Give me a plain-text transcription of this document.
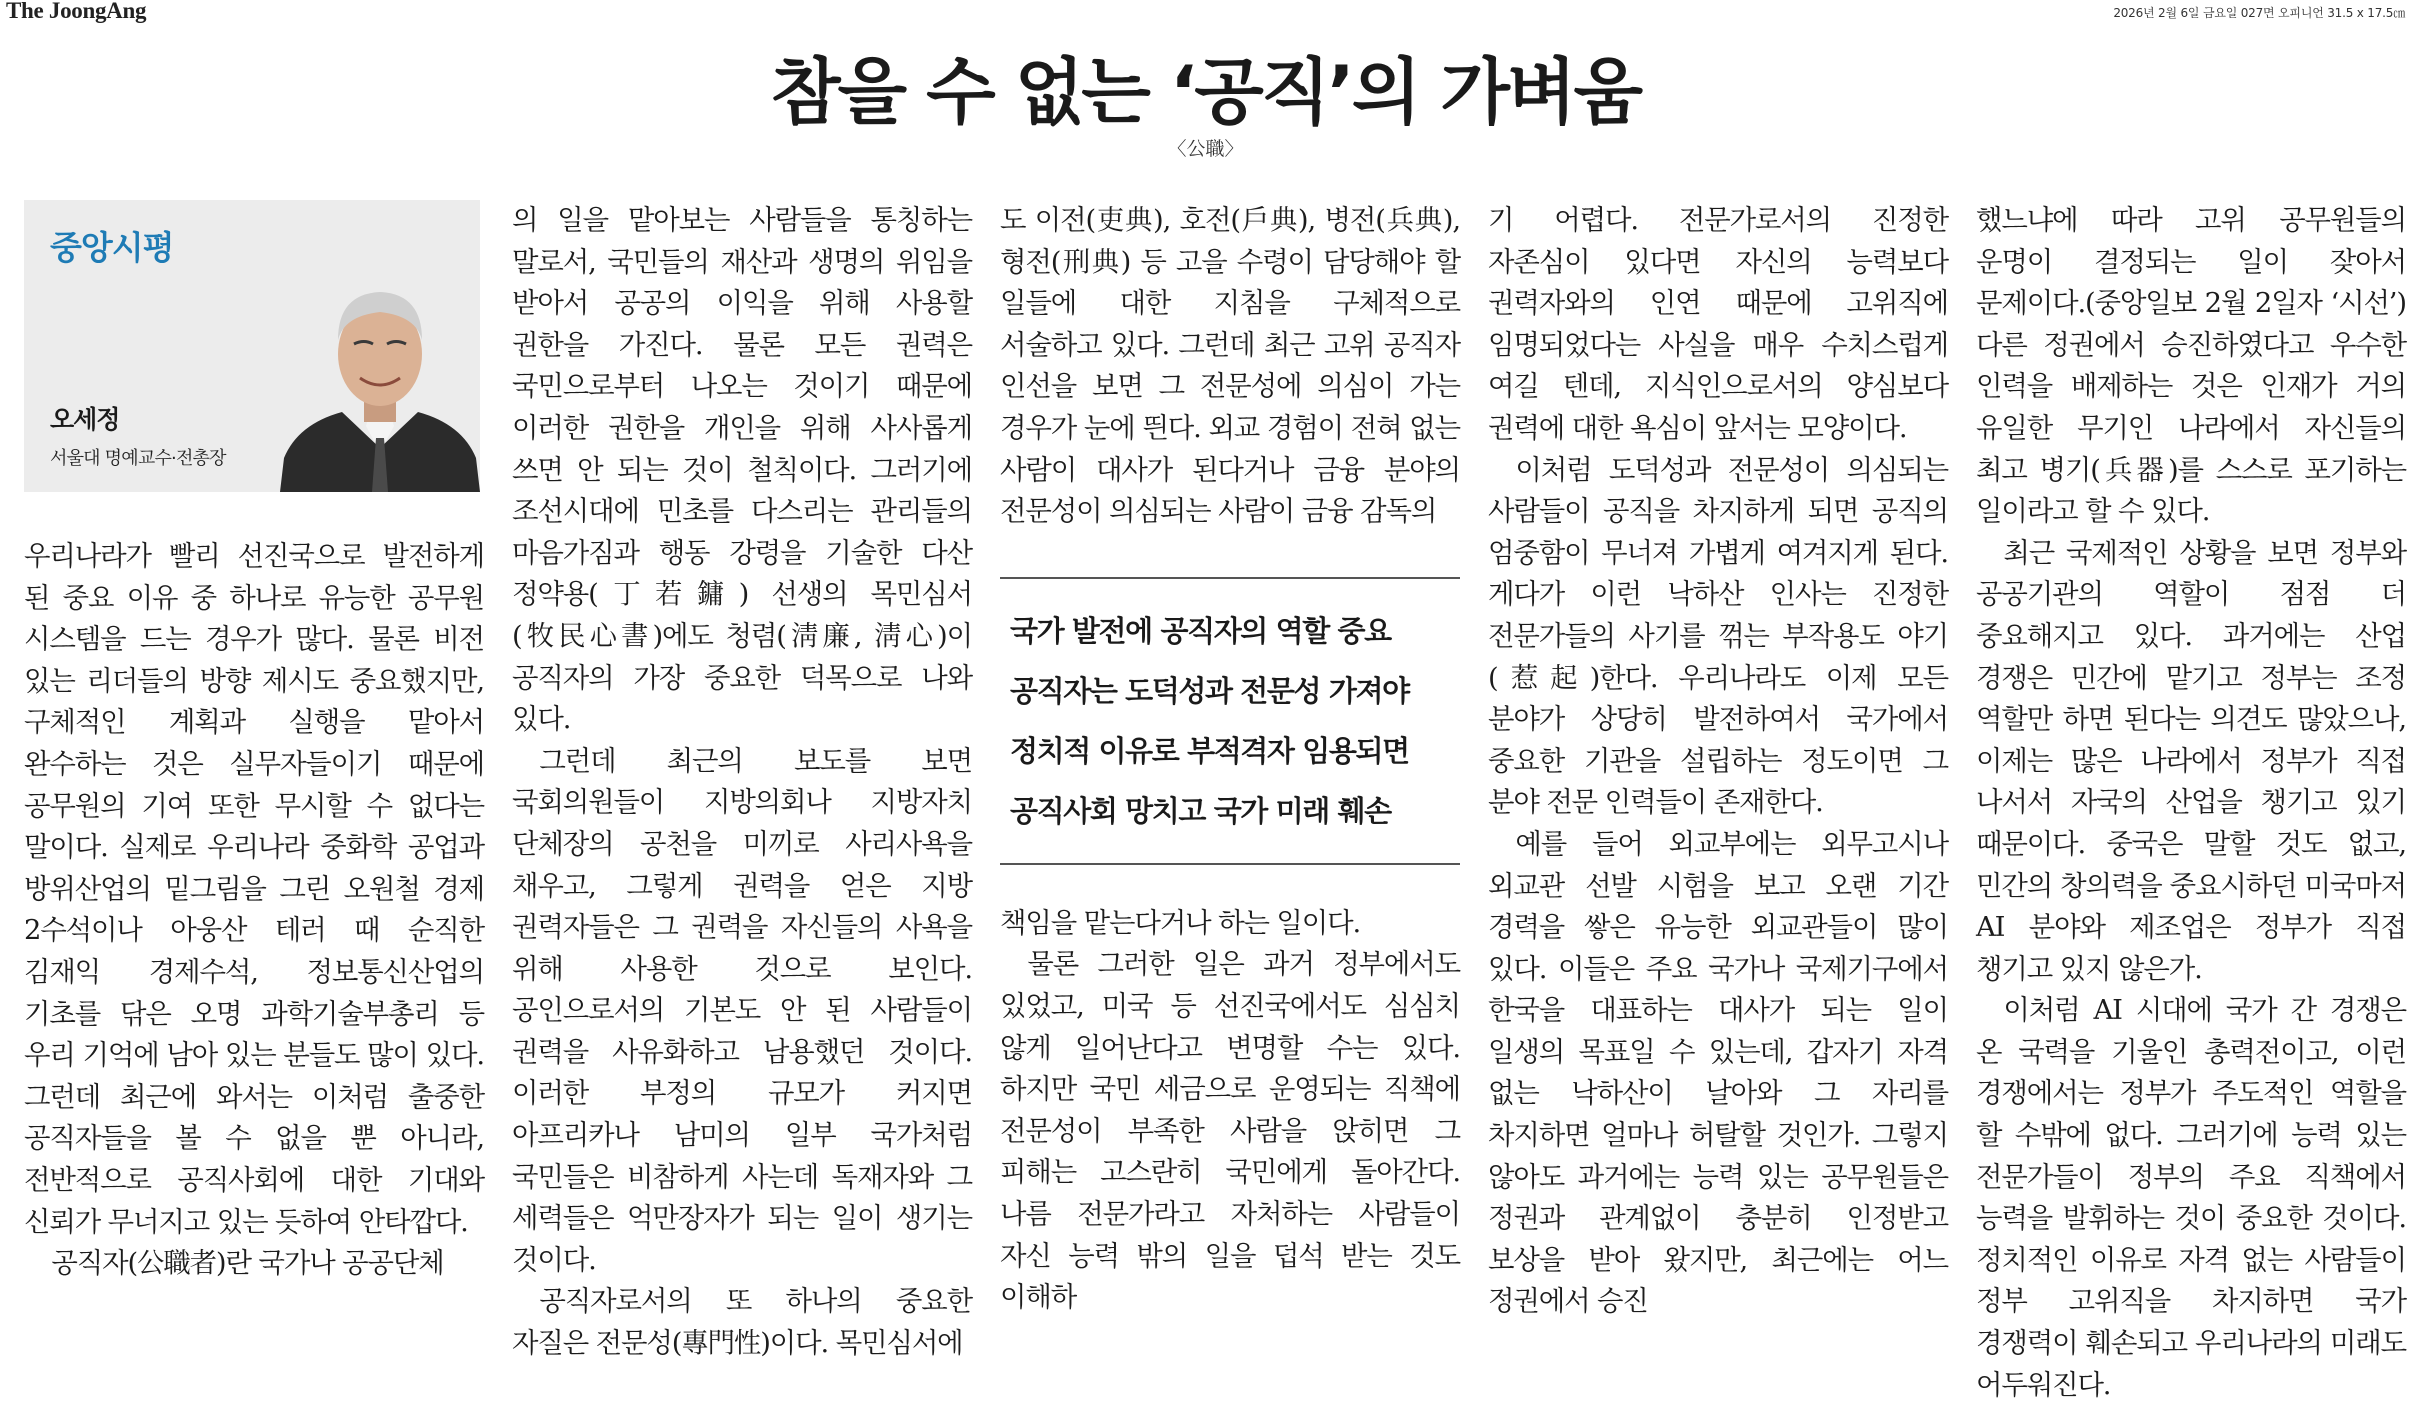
The JoongAng	2026년 2월 6일 금요일 027면 오피니언 31.5 x 17.5㎝
참을 수 없는 ‘공직’의 가벼움
〈公職〉
중앙시평
오세정
서울대 명예교수·전총장

우리나라가 빨리 선진국으로 발전하게 된 중요 이유 중 하나로 유능한 공무원 시스템을 드는 경우가 많다. 물론 비전 있는 리더들의 방향 제시도 중요했지만, 구체적인 계획과 실행을 맡아서 완수하는 것은 실무자들이기 때문에 공무원의 기여 또한 무시할 수 없다는 말이다. 실제로 우리나라 중화학 공업과 방위산업의 밑그림을 그린 오원철 경제 2수석이나 아웅산 테러 때 순직한 김재익 경제수석, 정보통신산업의 기초를 닦은 오명 과학기술부총리 등 우리 기억에 남아 있는 분들도 많이 있다. 그런데 최근에 와서는 이처럼 출중한 공직자들을 볼 수 없을 뿐 아니라, 전반적으로 공직사회에 대한 기대와 신뢰가 무너지고 있는 듯하여 안타깝다.

공직자(公職者)란 국가나 공공단체

의 일을 맡아보는 사람들을 통칭하는 말로서, 국민들의 재산과 생명의 위임을 받아서 공공의 이익을 위해 사용할 권한을 가진다. 물론 모든 권력은 국민으로부터 나오는 것이기 때문에 이러한 권한을 개인을 위해 사사롭게 쓰면 안 되는 것이 철칙이다. 그러기에 조선시대에 민초를 다스리는 관리들의 마음가짐과 행동 강령을 기술한 다산 정약용(丁若鏞) 선생의 목민심서(牧民心書)에도 청렴(淸廉, 淸心)이 공직자의 가장 중요한 덕목으로 나와 있다.

그런데 최근의 보도를 보면 국회의원들이 지방의회나 지방자치 단체장의 공천을 미끼로 사리사욕을 채우고, 그렇게 권력을 얻은 지방 권력자들은 그 권력을 자신들의 사욕을 위해 사용한 것으로 보인다. 공인으로서의 기본도 안 된 사람들이 권력을 사유화하고 남용했던 것이다. 이러한 부정의 규모가 커지면 아프리카나 남미의 일부 국가처럼 국민들은 비참하게 사는데 독재자와 그 세력들은 억만장자가 되는 일이 생기는 것이다.

공직자로서의 또 하나의 중요한 자질은 전문성(專門性)이다. 목민심서에

도 이전(吏典), 호전(戶典), 병전(兵典), 형전(刑典) 등 고을 수령이 담당해야 할 일들에 대한 지침을 구체적으로 서술하고 있다. 그런데 최근 고위 공직자 인선을 보면 그 전문성에 의심이 가는 경우가 눈에 띈다. 외교 경험이 전혀 없는 사람이 대사가 된다거나 금융 분야의 전문성이 의심되는 사람이 금융 감독의

국가 발전에 공직자의 역할 중요
공직자는 도덕성과 전문성 가져야
정치적 이유로 부적격자 임용되면
공직사회 망치고 국가 미래 훼손

책임을 맡는다거나 하는 일이다.

물론 그러한 일은 과거 정부에서도 있었고, 미국 등 선진국에서도 심심치 않게 일어난다고 변명할 수는 있다. 하지만 국민 세금으로 운영되는 직책에 전문성이 부족한 사람을 앉히면 그 피해는 고스란히 국민에게 돌아간다. 나름 전문가라고 자처하는 사람들이 자신 능력 밖의 일을 덥석 받는 것도 이해하

기 어렵다. 전문가로서의 진정한 자존심이 있다면 자신의 능력보다 권력자와의 인연 때문에 고위직에 임명되었다는 사실을 매우 수치스럽게 여길 텐데, 지식인으로서의 양심보다 권력에 대한 욕심이 앞서는 모양이다.

이처럼 도덕성과 전문성이 의심되는 사람들이 공직을 차지하게 되면 공직의 엄중함이 무너져 가볍게 여겨지게 된다. 게다가 이런 낙하산 인사는 진정한 전문가들의 사기를 꺾는 부작용도 야기(惹起)한다. 우리나라도 이제 모든 분야가 상당히 발전하여서 국가에서 중요한 기관을 설립하는 정도이면 그 분야 전문 인력들이 존재한다.

예를 들어 외교부에는 외무고시나 외교관 선발 시험을 보고 오랜 기간 경력을 쌓은 유능한 외교관들이 많이 있다. 이들은 주요 국가나 국제기구에서 한국을 대표하는 대사가 되는 일이 일생의 목표일 수 있는데, 갑자기 자격 없는 낙하산이 날아와 그 자리를 차지하면 얼마나 허탈할 것인가. 그렇지 않아도 과거에는 능력 있는 공무원들은 정권과 관계없이 충분히 인정받고 보상을 받아 왔지만, 최근에는 어느 정권에서 승진

했느냐에 따라 고위 공무원들의 운명이 결정되는 일이 잦아서 문제이다.(중앙일보 2월 2일자 ‘시선’) 다른 정권에서 승진하였다고 우수한 인력을 배제하는 것은 인재가 거의 유일한 무기인 나라에서 자신들의 최고 병기(兵器)를 스스로 포기하는 일이라고 할 수 있다.

최근 국제적인 상황을 보면 정부와 공공기관의 역할이 점점 더 중요해지고 있다. 과거에는 산업 경쟁은 민간에 맡기고 정부는 조정 역할만 하면 된다는 의견도 많았으나, 이제는 많은 나라에서 정부가 직접 나서서 자국의 산업을 챙기고 있기 때문이다. 중국은 말할 것도 없고, 민간의 창의력을 중요시하던 미국마저 AI 분야와 제조업은 정부가 직접 챙기고 있지 않은가.

이처럼 AI 시대에 국가 간 경쟁은 온 국력을 기울인 총력전이고, 이런 경쟁에서는 정부가 주도적인 역할을 할 수밖에 없다. 그러기에 능력 있는 전문가들이 정부의 주요 직책에서 능력을 발휘하는 것이 중요한 것이다. 정치적인 이유로 자격 없는 사람들이 정부 고위직을 차지하면 국가 경쟁력이 훼손되고 우리나라의 미래도 어두워진다.
